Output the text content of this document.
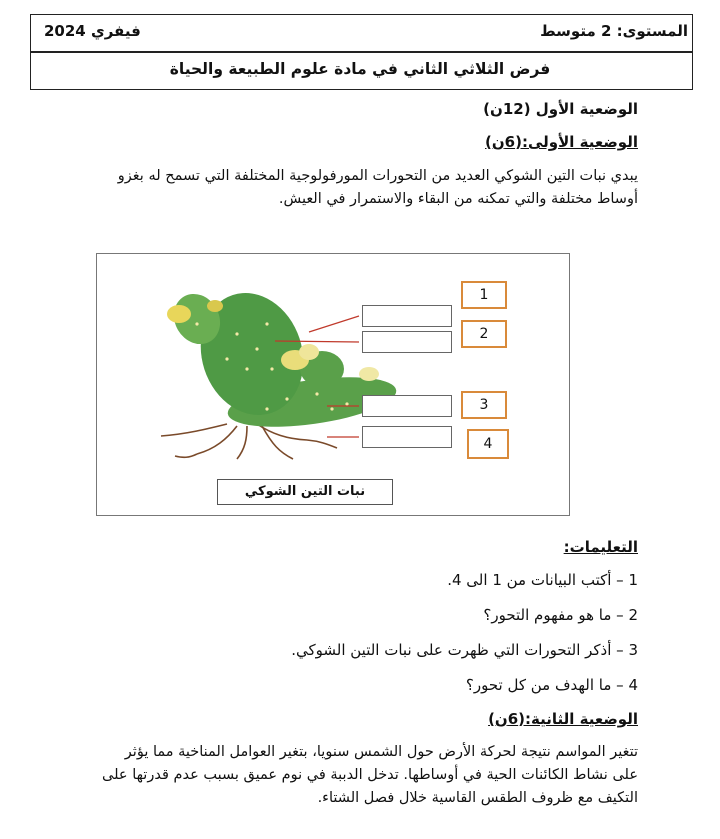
المستوى: 2 متوسط
فيفري 2024
فرض الثلاثي الثاني في مادة علوم الطبيعة والحياة
الوضعية الأول (12ن)
الوضعية الأولى:(6ن)
يبدي نبات التين الشوكي العديد من التحورات المورفولوجية المختلفة التي تسمح له بغزو أوساط مختلفة والتي تمكنه من البقاء والاستمرار في العيش.
1
2
3
4
نبات التين الشوكي
التعليمات:
1 – أكتب البيانات من 1 الى 4.
2 – ما هو مفهوم التحور؟
3 – أذكر التحورات التي ظهرت على نبات التين الشوكي.
4 – ما الهدف من كل تحور؟
الوضعية الثانية:(6ن)
تتغير المواسم نتيجة لحركة الأرض حول الشمس سنويا، بتغير العوامل المناخية مما يؤثر على نشاط الكائنات الحية في أوساطها. تدخل الدببة في نوم عميق بسبب عدم قدرتها على التكيف مع ظروف الطقس القاسية خلال فصل الشتاء.
